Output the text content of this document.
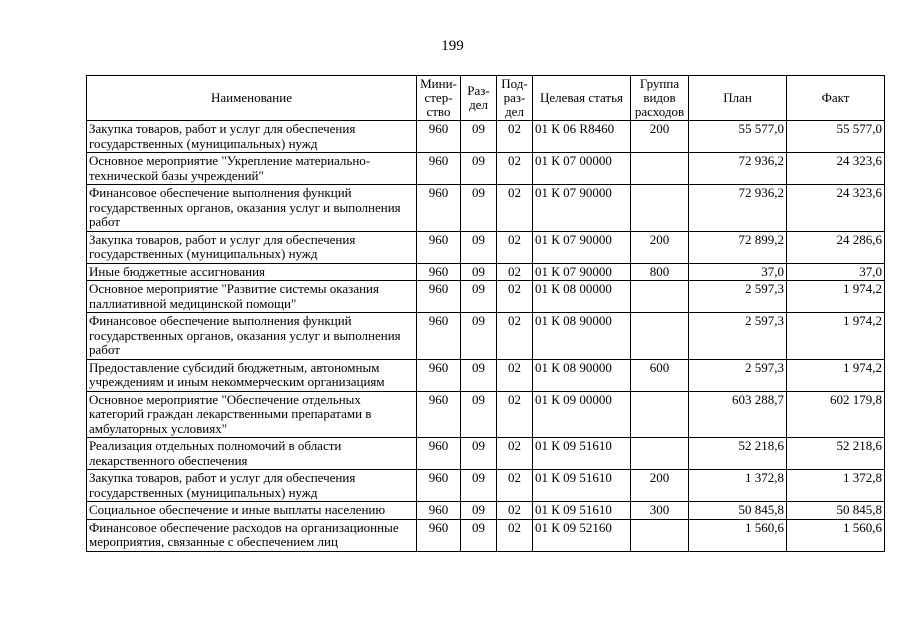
199
Наименование	Мини-стер-ство	Раз-дел	Под-раз-дел	Целевая статья	Группа видов расходов	План	Факт
Закупка товаров, работ и услуг для обеспечения государственных (муниципальных) нужд	960	09	02	01 К 06 R8460	200	55 577,0	55 577,0
Основное мероприятие "Укрепление материально-технической базы учреждений"	960	09	02	01 К 07 00000		72 936,2	24 323,6
Финансовое обеспечение выполнения функций государственных органов, оказания услуг и выполнения работ	960	09	02	01 К 07 90000		72 936,2	24 323,6
Закупка товаров, работ и услуг для обеспечения государственных (муниципальных) нужд	960	09	02	01 К 07 90000	200	72 899,2	24 286,6
Иные бюджетные ассигнования	960	09	02	01 К 07 90000	800	37,0	37,0
Основное мероприятие "Развитие системы оказания паллиативной медицинской помощи"	960	09	02	01 К 08 00000		2 597,3	1 974,2
Финансовое обеспечение выполнения функций государственных органов, оказания услуг и выполнения работ	960	09	02	01 К 08 90000		2 597,3	1 974,2
Предоставление субсидий бюджетным, автономным учреждениям и иным некоммерческим организациям	960	09	02	01 К 08 90000	600	2 597,3	1 974,2
Основное мероприятие "Обеспечение отдельных категорий граждан лекарственными препаратами в амбулаторных условиях"	960	09	02	01 К 09 00000		603 288,7	602 179,8
Реализация отдельных полномочий в области лекарственного обеспечения	960	09	02	01 К 09 51610		52 218,6	52 218,6
Закупка товаров, работ и услуг для обеспечения государственных (муниципальных) нужд	960	09	02	01 К 09 51610	200	1 372,8	1 372,8
Социальное обеспечение и иные выплаты населению	960	09	02	01 К 09 51610	300	50 845,8	50 845,8
Финансовое обеспечение расходов на организационные мероприятия, связанные с обеспечением лиц	960	09	02	01 К 09 52160		1 560,6	1 560,6
